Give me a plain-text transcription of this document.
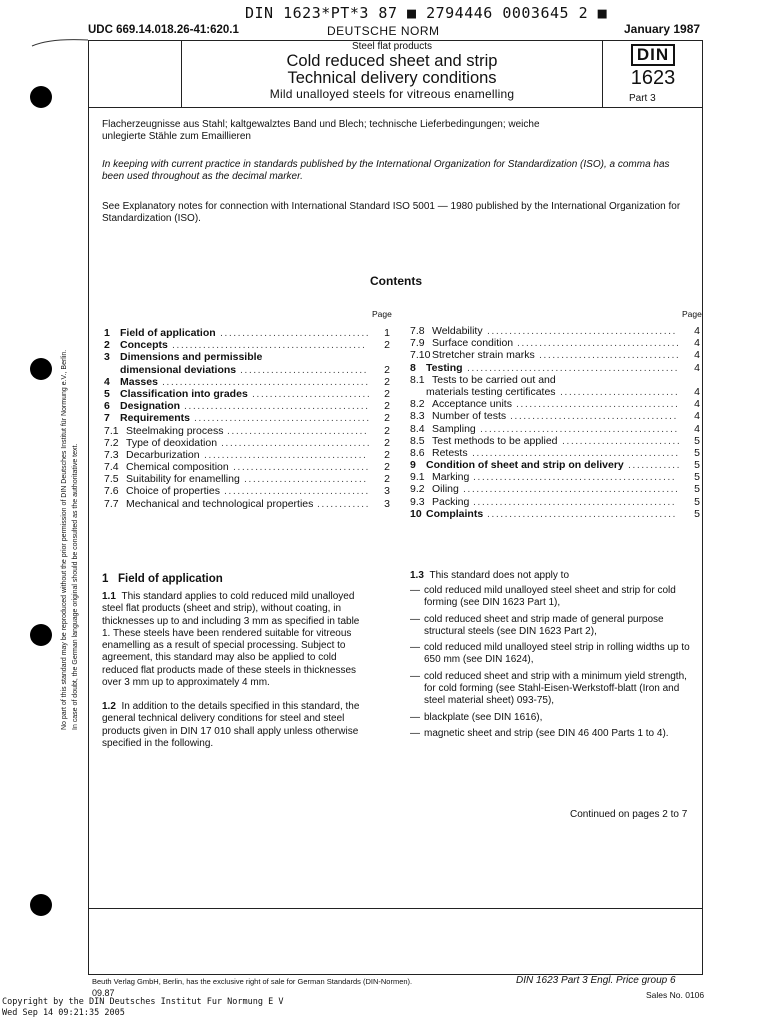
DIN 1623*PT*3 87 ■ 2794446 0003645 2 ■
UDC 669.14.018.26-41:620.1	DEUTSCHE NORM	January 1987
Steel flat products
Cold reduced sheet and strip
Technical delivery conditions
Mild unalloyed steels for vitreous enamelling
DIN
1623
Part 3
Flacherzeugnisse aus Stahl; kaltgewalztes Band und Blech; technische Lieferbedingungen; weiche unlegierte Stähle zum Emaillieren
In keeping with current practice in standards published by the International Organization for Standardization (ISO), a comma has been used throughout as the decimal marker.
See Explanatory notes for connection with International Standard ISO 5001 — 1980 published by the International Organization for Standardization (ISO).
Contents
Page	Page
1 Field of application ..................................	1
2 Concepts ............................................	2
3 Dimensions and permissible
dimensional deviations .............................	2
4 Masses ...............................................	2
5 Classification into grades ........................... 2
6 Designation ..........................................	2
7 Requirements ........................................	2
7.1 Steelmaking process ................................	2
7.2 Type of deoxidation .................................. 2
7.3 Decarburization .....................................	2
7.4 Chemical composition ...............................	2
7.5 Suitability for enamelling ............................	2
7.6 Choice of properties .................................	3
7.7 Mechanical and technological properties ............	3
7.8 Weldability ...........................................	4
7.9 Surface condition .....................................	4
7.10 Stretcher strain marks ................................	4
8 Testing ................................................	4
8.1 Tests to be carried out and
materials testing certificates ...........................	4
8.2 Acceptance units .....................................	4
8.3 Number of tests ......................................	4
8.4 Sampling .............................................	4
8.5 Test methods to be applied ........................... 5
8.6 Retests ...............................................	5
9 Condition of sheet and strip on delivery ............ 5
9.1 Marking ..............................................	5
9.2 Oiling .................................................	5
9.3 Packing ..............................................	5
10 Complaints ...........................................	5
1 Field of application
1.1 This standard applies to cold reduced mild unalloyed steel flat products (sheet and strip), without coating, in thicknesses up to and including 3 mm as specified in table 1. These steels have been rendered suitable for vitreous enamelling as a result of special processing. Subject to agreement, this standard may also be applied to cold reduced flat products made of these steels in thicknesses over 3 mm up to approximately 4 mm.
1.2 In addition to the details specified in this standard, the general technical delivery conditions for steel and steel products given in DIN 17 010 shall apply unless otherwise specified in the following.
1.3 This standard does not apply to
— cold reduced mild unalloyed steel sheet and strip for cold forming (see DIN 1623 Part 1),
— cold reduced sheet and strip made of general purpose structural steels (see DIN 1623 Part 2),
— cold reduced mild unalloyed steel strip in rolling widths up to 650 mm (see DIN 1624),
— cold reduced sheet and strip with a minimum yield strength, for cold forming (see Stahl-Eisen-Werkstoff-blatt (Iron and steel material sheet) 093-75),
— blackplate (see DIN 1616),
— magnetic sheet and strip (see DIN 46 400 Parts 1 to 4).
Continued on pages 2 to 7
No part of this standard may be reproduced without the prior permission of DIN Deutsches Institut für Normung e.V., Berlin. In case of doubt, the German language original should be consulted as the authoritative text.
Beuth Verlag GmbH, Berlin, has the exclusive right of sale for German Standards (DIN-Normen).
09.87
DIN 1623 Part 3 Engl. Price group 6
Sales No. 0106
Copyright by the DIN Deutsches Institut Fur Normung E V
Wed Sep 14 09:21:35 2005
